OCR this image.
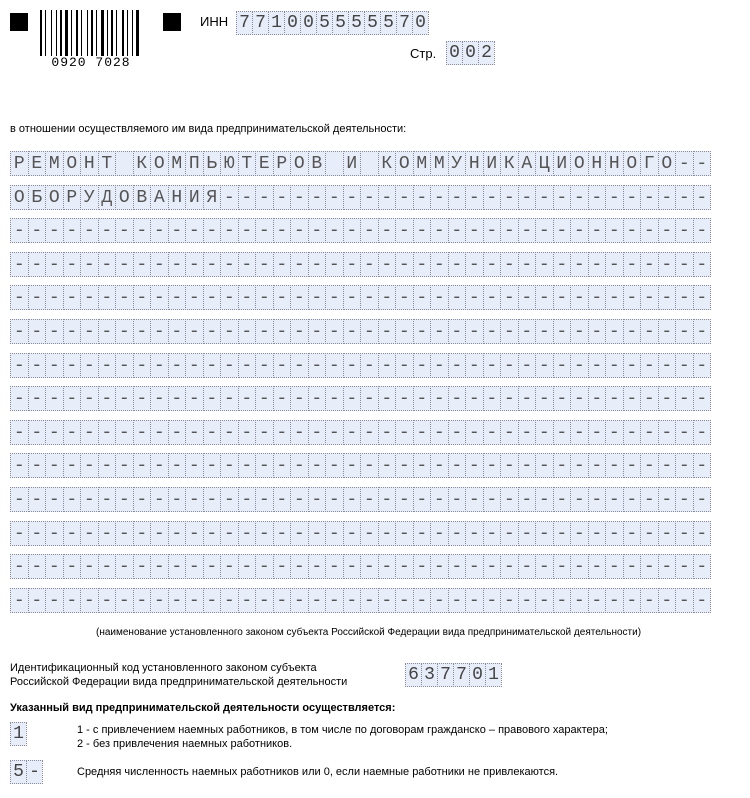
0920 7028
ИНН 7 7 1 0 0 5 5 5 5 5 7 0
Стр. 0 0 2
в отношении осуществляемого им вида предпринимательской деятельности:
Р Е М О Н Т К О М П Ь Ю Т Е Р О В И К О М М У Н И К А Ц И О Н Н О Г О - -
О Б О Р У Д О В А Н И Я - - - - - - - - - - - - - - - - - - - - - - - - - - - -
- - - - - - - - - - - - - - - - - - - - - - - - - - - - - - - - - - - - - - - -
- - - - - - - - - - - - - - - - - - - - - - - - - - - - - - - - - - - - - - - -
- - - - - - - - - - - - - - - - - - - - - - - - - - - - - - - - - - - - - - - -
- - - - - - - - - - - - - - - - - - - - - - - - - - - - - - - - - - - - - - - -
- - - - - - - - - - - - - - - - - - - - - - - - - - - - - - - - - - - - - - - -
- - - - - - - - - - - - - - - - - - - - - - - - - - - - - - - - - - - - - - - -
- - - - - - - - - - - - - - - - - - - - - - - - - - - - - - - - - - - - - - - -
- - - - - - - - - - - - - - - - - - - - - - - - - - - - - - - - - - - - - - - -
- - - - - - - - - - - - - - - - - - - - - - - - - - - - - - - - - - - - - - - -
- - - - - - - - - - - - - - - - - - - - - - - - - - - - - - - - - - - - - - - -
- - - - - - - - - - - - - - - - - - - - - - - - - - - - - - - - - - - - - - - -
- - - - - - - - - - - - - - - - - - - - - - - - - - - - - - - - - - - - - - - -
(наименование установленного законом субъекта Российской Федерации вида предпринимательской деятельности)
Идентификационный код установленного законом субъекта
Российской Федерации вида предпринимательской деятельности	6 3 7 7 0 1
Указанный вид предпринимательской деятельности осуществляется:
1	1 - с привлечением наемных работников, в том числе по договорам гражданско – правового характера;
2 - без привлечения наемных работников.
5 -	Средняя численность наемных работников или 0, если наемные работники не привлекаются.
